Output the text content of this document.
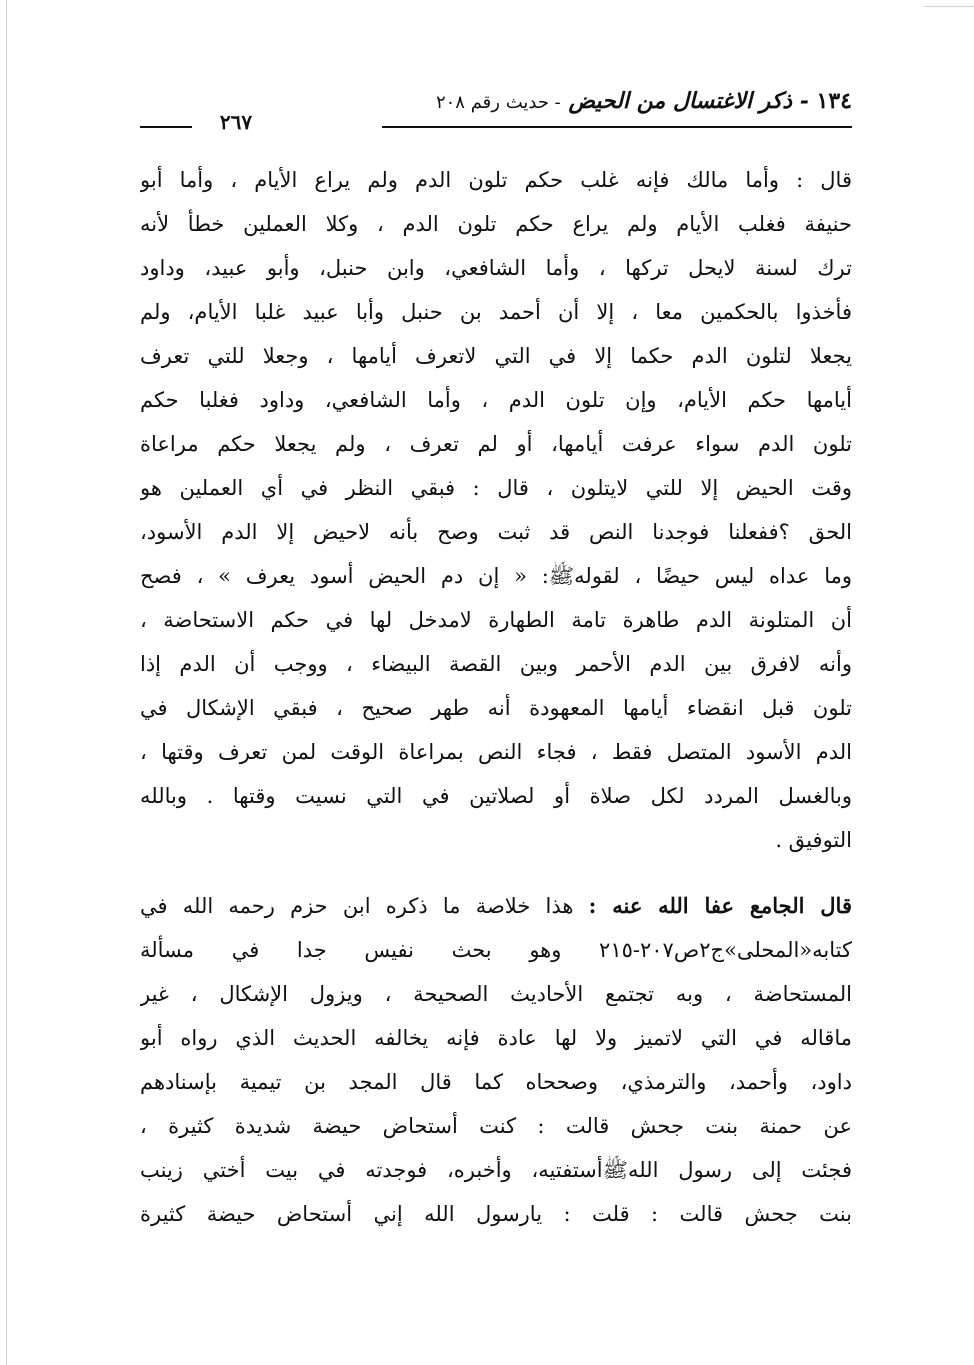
١٣٤ - ذكر الاغتسال من الحيض - حديث رقم ٢٠٨
٢٦٧
قال : وأما مالك فإنه غلب حكم تلون الدم ولم يراع الأيام ، وأما أبو
حنيفة فغلب الأيام ولم يراع حكم تلون الدم ، وكلا العملين خطأ لأنه
ترك لسنة لايحل تركها ، وأما الشافعي، وابن حنبل، وأبو عبيد، وداود
فأخذوا بالحكمين معا ، إلا أن أحمد بن حنبل وأبا عبيد غلبا الأيام، ولم
يجعلا لتلون الدم حكما إلا في التي لاتعرف أيامها ، وجعلا للتي تعرف
أيامها حكم الأيام، وإن تلون الدم ، وأما الشافعي، وداود فغلبا حكم
تلون الدم سواء عرفت أيامها، أو لم تعرف ، ولم يجعلا حكم مراعاة
وقت الحيض إلا للتي لايتلون ، قال : فبقي النظر في أي العملين هو
الحق ؟ففعلنا فوجدنا النص قد ثبت وصح بأنه لاحيض إلا الدم الأسود،
وما عداه ليس حيضًا ، لقولهﷺ: « إن دم الحيض أسود يعرف » ، فصح
أن المتلونة الدم طاهرة تامة الطهارة لامدخل لها في حكم الاستحاضة ،
وأنه لافرق بين الدم الأحمر وبين القصة البيضاء ، ووجب أن الدم إذا
تلون قبل انقضاء أيامها المعهودة أنه طهر صحيح ، فبقي الإشكال في
الدم الأسود المتصل فقط ، فجاء النص بمراعاة الوقت لمن تعرف وقتها ،
وبالغسل المردد لكل صلاة أو لصلاتين في التي نسيت وقتها . وبالله
التوفيق .
قال الجامع عفا الله عنه : هذا خلاصة ما ذكره ابن حزم رحمه الله في
كتابه«المحلى»ج٢ص٢٠٧-٢١٥ وهو بحث نفيس جدا في مسألة
المستحاضة ، وبه تجتمع الأحاديث الصحيحة ، ويزول الإشكال ، غير
ماقاله في التي لاتميز ولا لها عادة فإنه يخالفه الحديث الذي رواه أبو
داود، وأحمد، والترمذي، وصححاه كما قال المجد بن تيمية بإسنادهم
عن حمنة بنت جحش قالت : كنت أستحاض حيضة شديدة كثيرة ،
فجئت إلى رسول اللهﷺأستفتيه، وأخبره، فوجدته في بيت أختي زينب
بنت جحش قالت : قلت : يارسول الله إني أستحاض حيضة كثيرة
